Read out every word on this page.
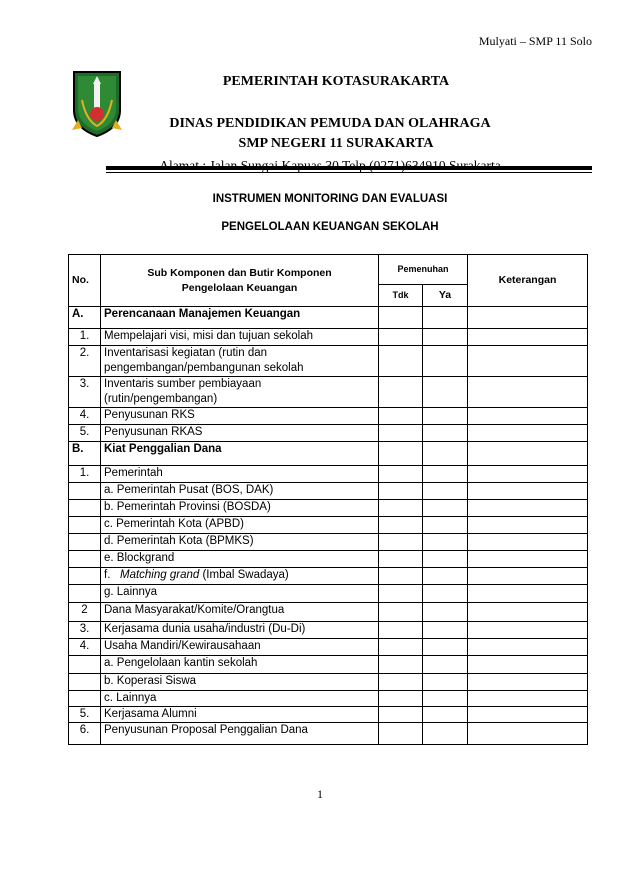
Mulyati – SMP 11 Solo
PEMERINTAH KOTASURAKARTA
DINAS PENDIDIKAN PEMUDA DAN OLAHRAGA
SMP NEGERI 11 SURAKARTA
INSTRUMEN MONITORING DAN EVALUASI
PENGELOLAAN KEUANGAN SEKOLAH
No.	Sub Komponen dan Butir Komponen Pengelolaan Keuangan	Pemenuhan		Keterangan
		Tdk	Ya	
A.	Perencanaan Manajemen Keuangan			
1.	Mempelajari visi, misi dan tujuan sekolah			
2.	Inventarisasi kegiatan (rutin dan pengembangan/pembangunan sekolah			
3.	Inventaris sumber pembiayaan (rutin/pengembangan)			
4.	Penyusunan RKS			
5.	Penyusunan RKAS			
B.	Kiat Penggalian Dana			
1.	Pemerintah			
	a. Pemerintah Pusat (BOS, DAK)			
	b. Pemerintah Provinsi (BOSDA)			
	c. Pemerintah Kota (APBD)			
	d. Pemerintah Kota (BPMKS)			
	e. Blockgrand			
	f.   Matching grand (Imbal Swadaya)			
	g. Lainnya			
2	Dana Masyarakat/Komite/Orangtua			
3.	Kerjasama dunia usaha/industri (Du-Di)			
4.	Usaha Mandiri/Kewirausahaan			
	a. Pengelolaan kantin sekolah			
	b. Koperasi Siswa			
	c. Lainnya			
5.	Kerjasama Alumni			
6.	Penyusunan Proposal Penggalian Dana			
1
